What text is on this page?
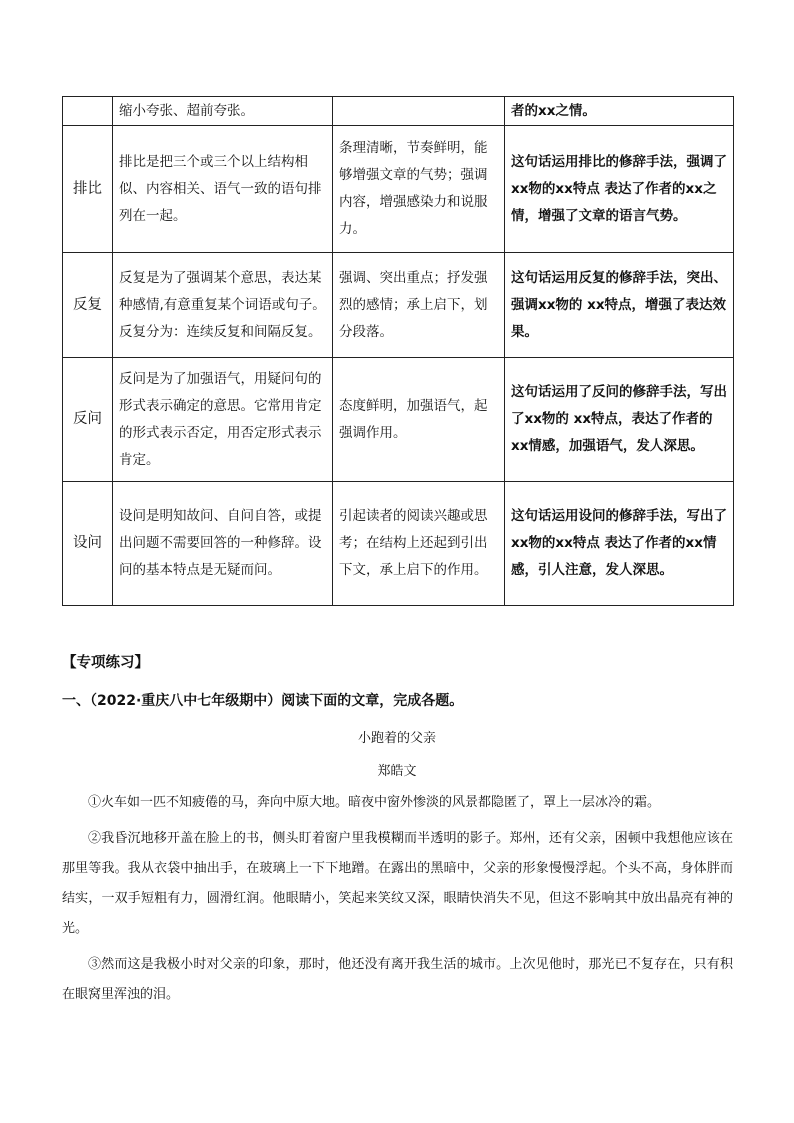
	缩小夸张、超前夸张。		者的xx之情。
排比	排比是把三个或三个以上结构相似、内容相关、语气一致的语句排列在一起。	条理清晰，节奏鲜明，能够增强文章的气势；强调内容，增强感染力和说服力。	这句话运用排比的修辞手法，强调了xx物的xx特点 表达了作者的xx之情，增强了文章的语言气势。
反复	反复是为了强调某个意思，表达某种感情,有意重复某个词语或句子。反复分为：连续反复和间隔反复。	强调、突出重点；抒发强烈的感情；承上启下，划分段落。	这句话运用反复的修辞手法，突出、强调xx物的 xx特点，增强了表达效果。
反问	反问是为了加强语气，用疑问句的形式表示确定的意思。它常用肯定的形式表示否定，用否定形式表示肯定。	态度鲜明，加强语气，起强调作用。	这句话运用了反问的修辞手法，写出了xx物的 xx特点，表达了作者的xx情感，加强语气，发人深思。
设问	设问是明知故问、自问自答，或提出问题不需要回答的一种修辞。设问的基本特点是无疑而问。	引起读者的阅读兴趣或思考；在结构上还起到引出下文，承上启下的作用。	这句话运用设问的修辞手法，写出了xx物的xx特点 表达了作者的xx情感，引人注意，发人深思。
【专项练习】
一、（2022·重庆八中七年级期中）阅读下面的文章，完成各题。
小跑着的父亲
郑皓文

①火车如一匹不知疲倦的马，奔向中原大地。暗夜中窗外惨淡的风景都隐匿了，罩上一层冰冷的霜。

②我昏沉地移开盖在脸上的书，侧头盯着窗户里我模糊而半透明的影子。郑州，还有父亲，困顿中我想他应该在那里等我。我从衣袋中抽出手，在玻璃上一下下地蹭。在露出的黑暗中，父亲的形象慢慢浮起。个头不高，身体胖而结实，一双手短粗有力，圆滑红润。他眼睛小，笑起来笑纹又深，眼睛快消失不见，但这不影响其中放出晶亮有神的光。

③然而这是我极小时对父亲的印象，那时，他还没有离开我生活的城市。上次见他时，那光已不复存在，只有积在眼窝里浑浊的泪。
